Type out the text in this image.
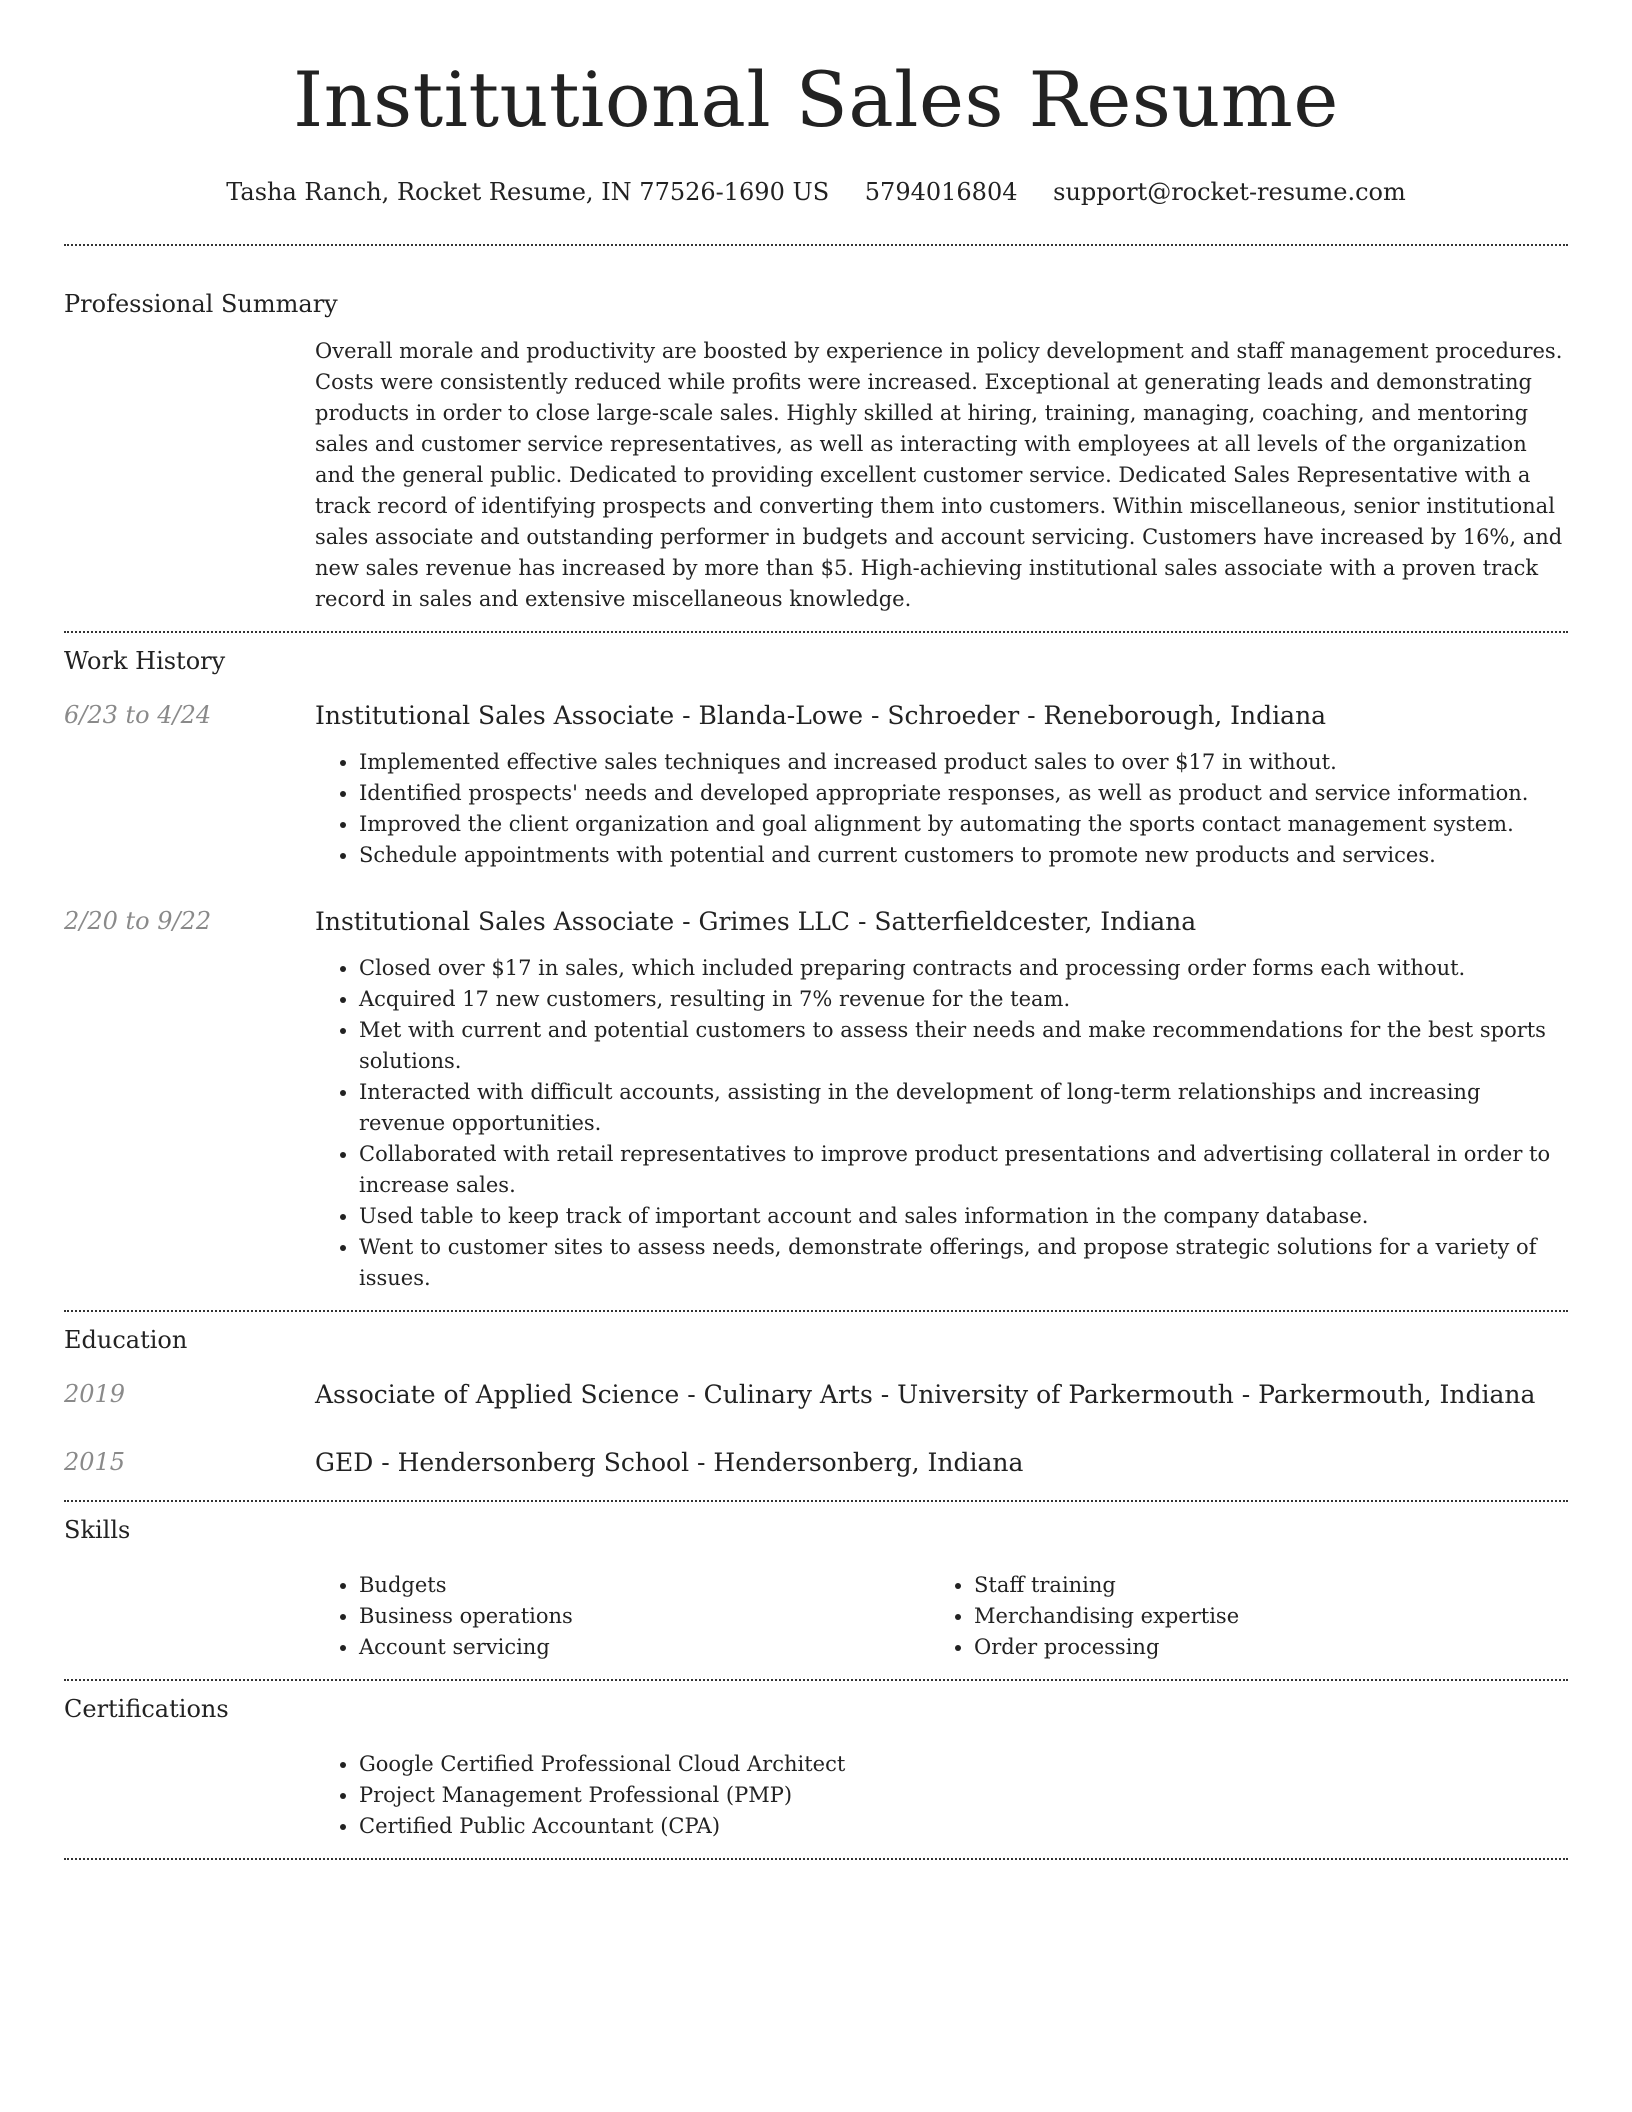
Institutional Sales Resume
Tasha Ranch, Rocket Resume, IN 77526-1690 US 5794016804 support@rocket-resume.com
Professional Summary
Overall morale and productivity are boosted by experience in policy development and staff management procedures. Costs were consistently reduced while profits were increased. Exceptional at generating leads and demonstrating products in order to close large-scale sales. Highly skilled at hiring, training, managing, coaching, and mentoring sales and customer service representatives, as well as interacting with employees at all levels of the organization and the general public. Dedicated to providing excellent customer service. Dedicated Sales Representative with a track record of identifying prospects and converting them into customers. Within miscellaneous, senior institutional sales associate and outstanding performer in budgets and account servicing. Customers have increased by 16%, and new sales revenue has increased by more than $5. High-achieving institutional sales associate with a proven track record in sales and extensive miscellaneous knowledge.
Work History
6/23 to 4/24	Institutional Sales Associate - Blanda-Lowe - Schroeder - Reneborough, Indiana
• Implemented effective sales techniques and increased product sales to over $17 in without.
• Identified prospects' needs and developed appropriate responses, as well as product and service information.
• Improved the client organization and goal alignment by automating the sports contact management system.
• Schedule appointments with potential and current customers to promote new products and services.
2/20 to 9/22	Institutional Sales Associate - Grimes LLC - Satterfieldcester, Indiana
• Closed over $17 in sales, which included preparing contracts and processing order forms each without.
• Acquired 17 new customers, resulting in 7% revenue for the team.
• Met with current and potential customers to assess their needs and make recommendations for the best sports solutions.
• Interacted with difficult accounts, assisting in the development of long-term relationships and increasing revenue opportunities.
• Collaborated with retail representatives to improve product presentations and advertising collateral in order to increase sales.
• Used table to keep track of important account and sales information in the company database.
• Went to customer sites to assess needs, demonstrate offerings, and propose strategic solutions for a variety of issues.
Education
2019	Associate of Applied Science - Culinary Arts - University of Parkermouth - Parkermouth, Indiana
2015	GED - Hendersonberg School - Hendersonberg, Indiana
Skills
• Budgets
• Business operations
• Account servicing
• Staff training
• Merchandising expertise
• Order processing
Certifications
• Google Certified Professional Cloud Architect
• Project Management Professional (PMP)
• Certified Public Accountant (CPA)
